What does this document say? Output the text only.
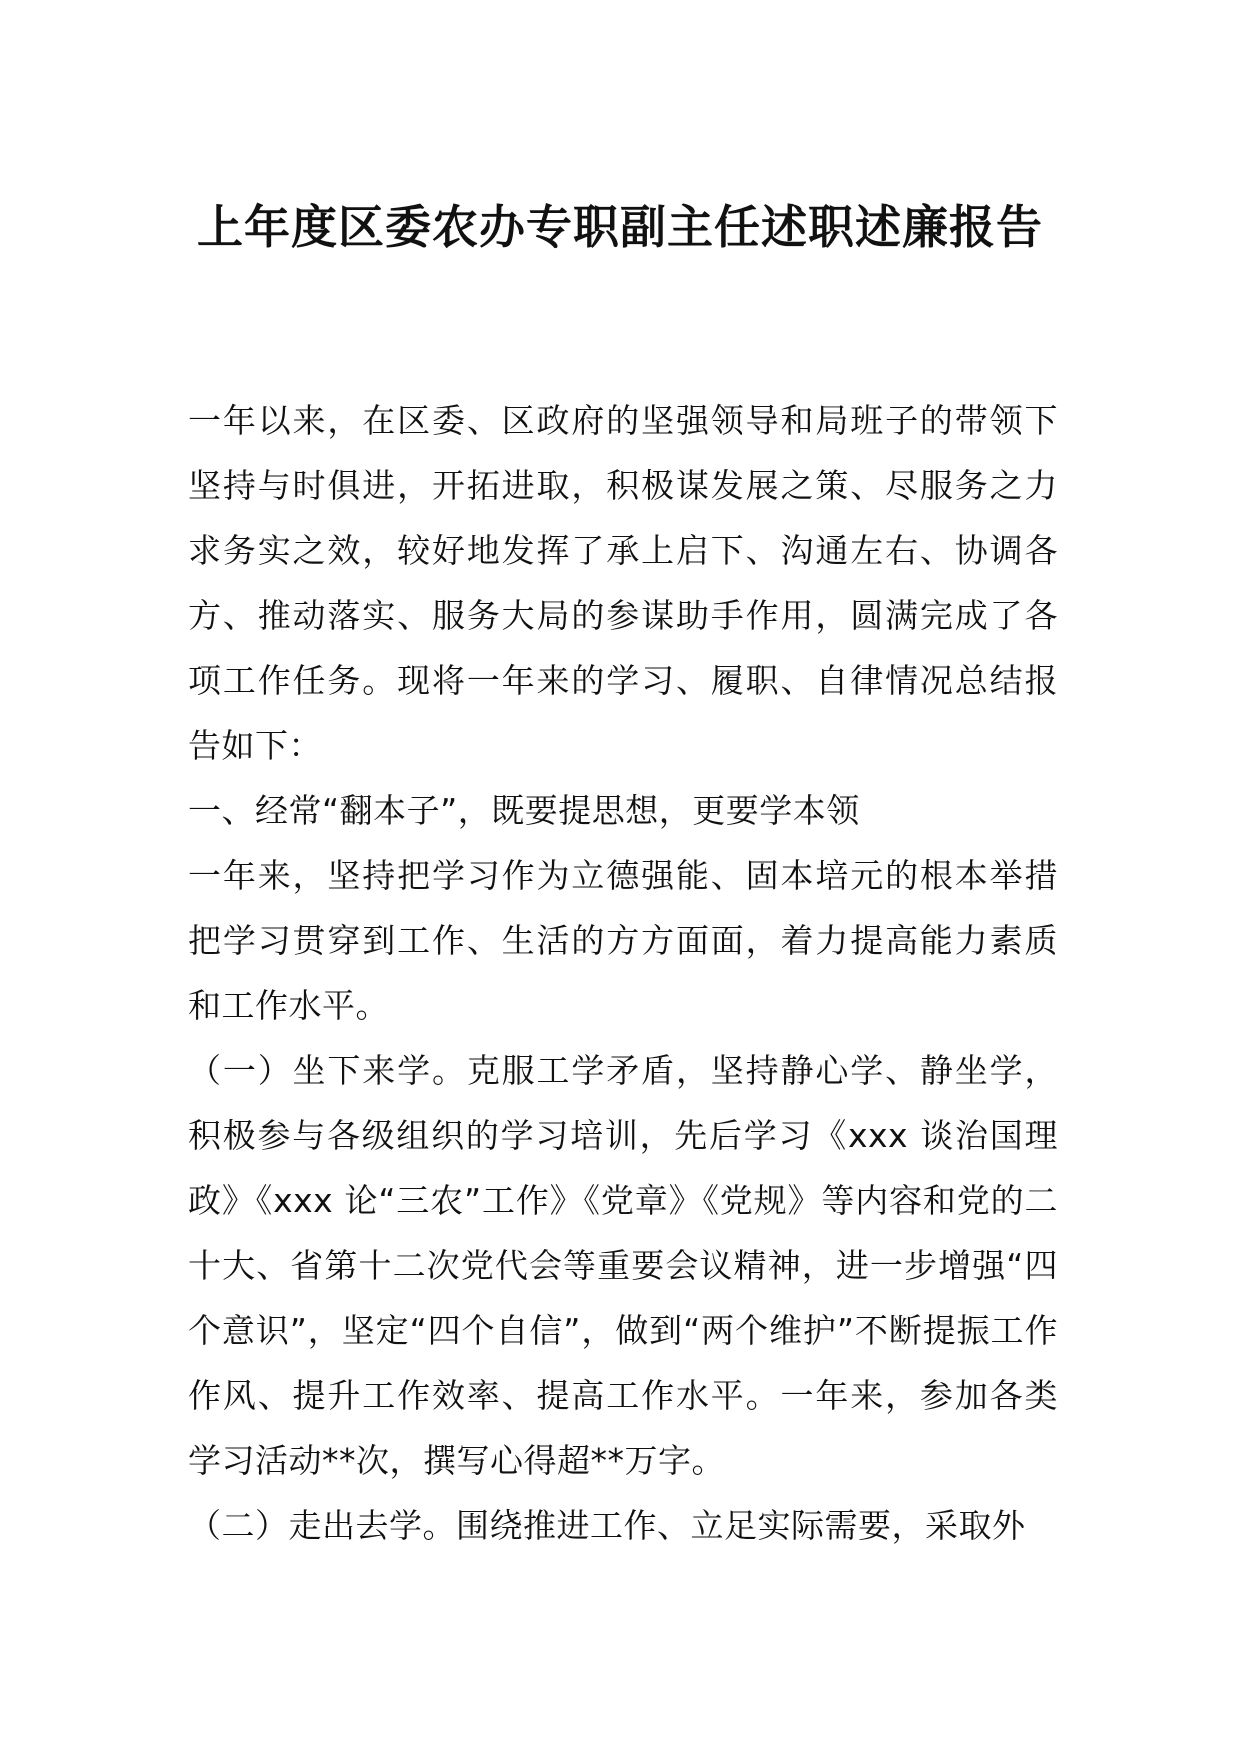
上年度区委农办专职副主任述职述廉报告

一年以来，在区委、区政府的坚强领导和局班子的带领下坚持与时俱进，开拓进取，积极谋发展之策、尽服务之力求务实之效，较好地发挥了承上启下、沟通左右、协调各方、推动落实、服务大局的参谋助手作用，圆满完成了各项工作任务。现将一年来的学习、履职、自律情况总结报告如下：

一、经常“翻本子”，既要提思想，更要学本领

一年来，坚持把学习作为立德强能、固本培元的根本举措把学习贯穿到工作、生活的方方面面，着力提高能力素质和工作水平。

（一）坐下来学。克服工学矛盾，坚持静心学、静坐学，积极参与各级组织的学习培训，先后学习《xxx 谈治国理政》《xxx 论“三农”工作》《党章》《党规》等内容和党的二十大、省第十二次党代会等重要会议精神，进一步增强“四个意识”，坚定“四个自信”，做到“两个维护”不断提振工作作风、提升工作效率、提高工作水平。一年来，参加各类学习活动**次，撰写心得超**万字。

（二）走出去学。围绕推进工作、立足实际需要，采取外
